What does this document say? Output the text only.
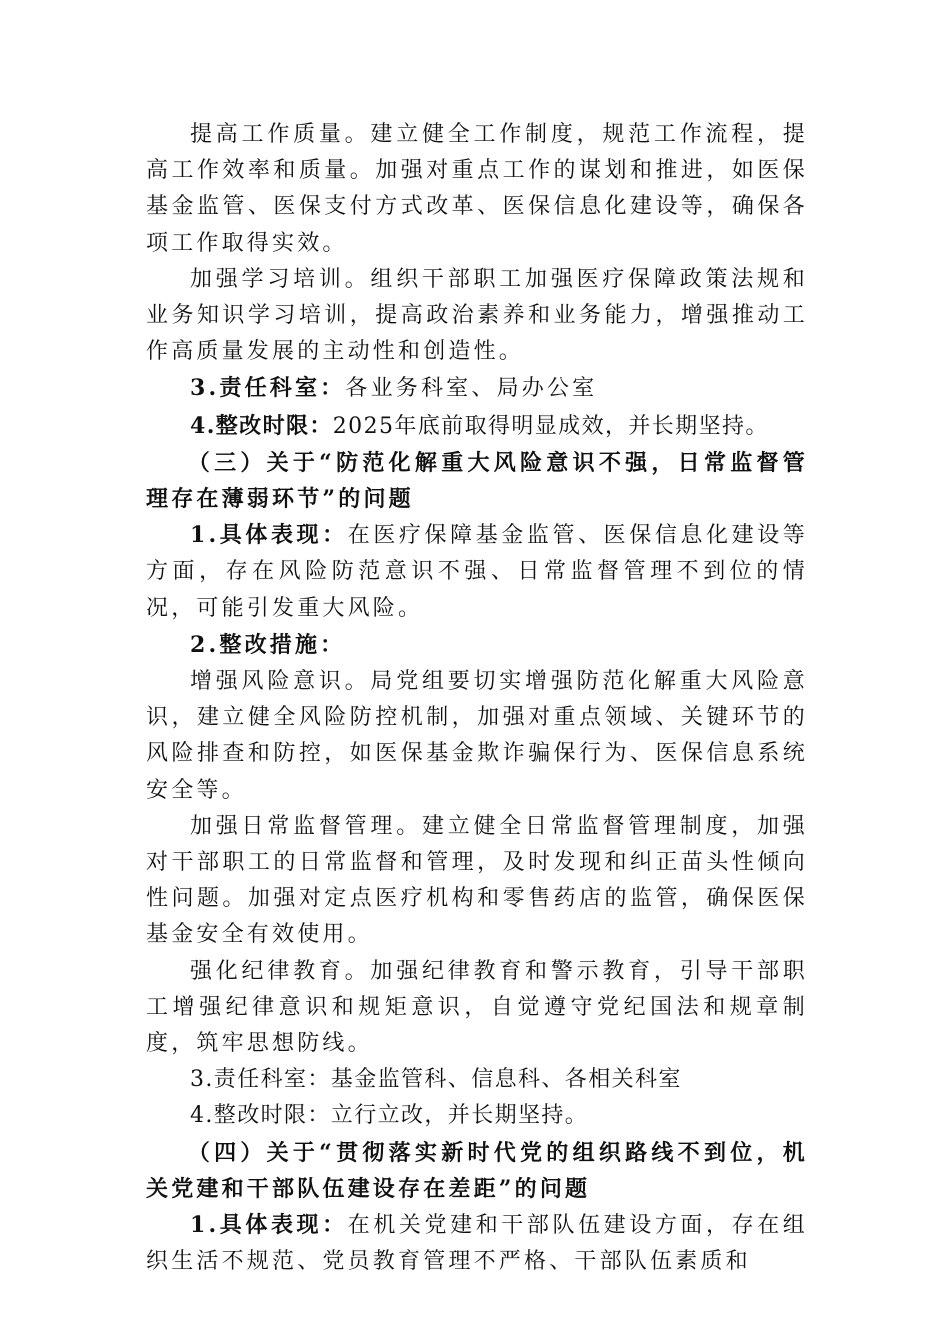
提高工作质量。建立健全工作制度，规范工作流程，提高工作效率和质量。加强对重点工作的谋划和推进，如医保基金监管、医保支付方式改革、医保信息化建设等，确保各项工作取得实效。

加强学习培训。组织干部职工加强医疗保障政策法规和业务知识学习培训，提高政治素养和业务能力，增强推动工作高质量发展的主动性和创造性。

3.责任科室：各业务科室、局办公室

4.整改时限：2025年底前取得明显成效，并长期坚持。

（三）关于“防范化解重大风险意识不强，日常监督管理存在薄弱环节”的问题

1.具体表现：在医疗保障基金监管、医保信息化建设等方面，存在风险防范意识不强、日常监督管理不到位的情况，可能引发重大风险。

2.整改措施：

增强风险意识。局党组要切实增强防范化解重大风险意识，建立健全风险防控机制，加强对重点领域、关键环节的风险排查和防控，如医保基金欺诈骗保行为、医保信息系统安全等。

加强日常监督管理。建立健全日常监督管理制度，加强对干部职工的日常监督和管理，及时发现和纠正苗头性倾向性问题。加强对定点医疗机构和零售药店的监管，确保医保基金安全有效使用。

强化纪律教育。加强纪律教育和警示教育，引导干部职工增强纪律意识和规矩意识，自觉遵守党纪国法和规章制度，筑牢思想防线。

3.责任科室：基金监管科、信息科、各相关科室

4.整改时限：立行立改，并长期坚持。

（四）关于“贯彻落实新时代党的组织路线不到位，机关党建和干部队伍建设存在差距”的问题

1.具体表现：在机关党建和干部队伍建设方面，存在组织生活不规范、党员教育管理不严格、干部队伍素质和
